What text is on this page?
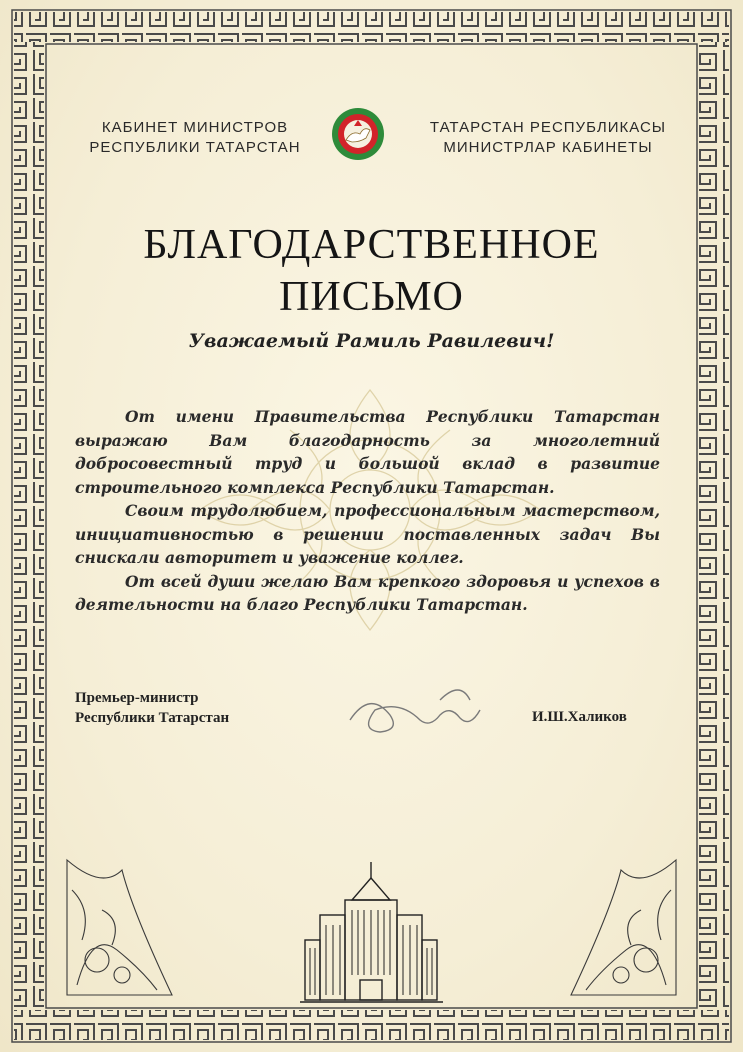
КАБИНЕТ МИНИСТРОВ
РЕСПУБЛИКИ ТАТАРСТАН
ТАТАРСТАН РЕСПУБЛИКАСЫ
МИНИСТРЛАР КАБИНЕТЫ
БЛАГОДАРСТВЕННОЕ
ПИСЬМО
Уважаемый Рамиль Равилевич!

От имени Правительства Республики Татарстан выражаю Вам благодарность за многолетний добросовестный труд и большой вклад в развитие строительного комплекса Республики Татарстан.

Своим трудолюбием, профессиональным мастерством, инициативностью в решении поставленных задач Вы снискали авторитет и уважение коллег.

От всей души желаю Вам крепкого здоровья и успехов в деятельности на благо Республики Татарстан.

Премьер-министр
Республики Татарстан	И.Ш.Халиков
